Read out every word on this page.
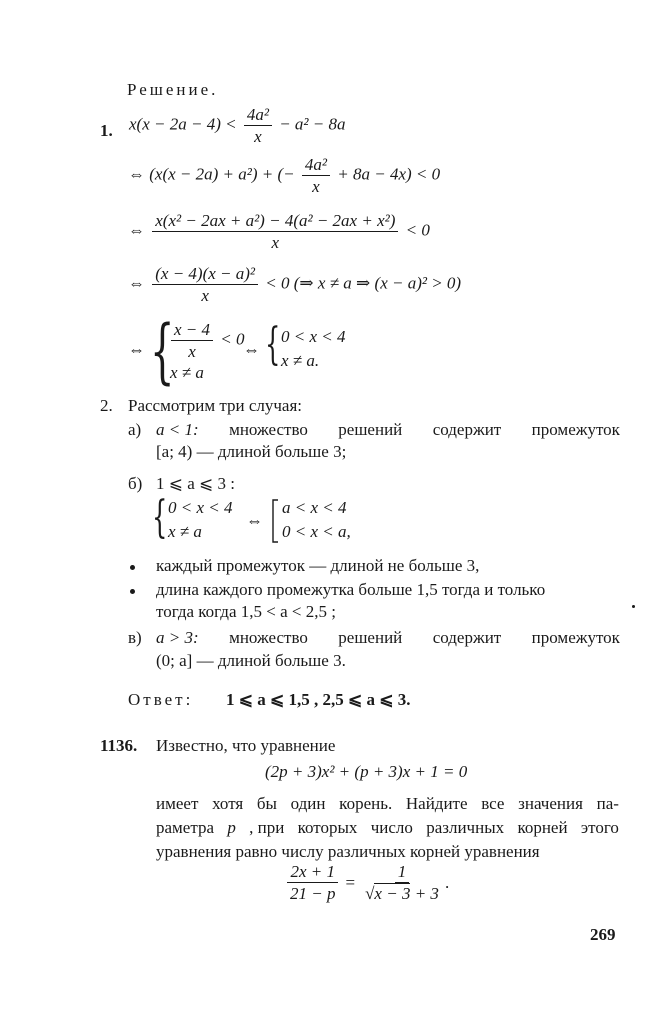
Решение.
1. $x(x - 2a - 4) < \frac{\text{4a²}}{x} - a^2 - 8a$
⇔ (x(x − 2a) + a²) + (− $\frac{\text{4a²}}{x} + 8a - 4x) < 0$
⇔ $\frac{\text{x(x² − 2ax + a²) − 4(a² − 2ax + x²)}}{x} < 0$
⇔ $\frac{\text{(x − 4)(x − a)²}}{x} < 0$ (⇒ x ≠ a ⇒ (x − a)² > 0)
⇔ {
$\frac{x - 4}{x} < 0$
x ≠ a
⇔ { 0 < x < 4
x ≠ a.
2. Рассмотрим три случая:
а) a < 1: множество решений содержит промежуток
[a; 4) — длиной больше 3;
б) 1 ⩽ a ⩽ 3 :
{ 0 < x < 4
x ≠ a
⇔
a < x < 4
0 < x < a,
каждый промежуток — длиной не больше 3,
длина каждого промежутка больше 1,5 тогда и только
тогда когда 1,5 < a < 2,5 ;
в) a > 3: множество решений содержит промежуток
(0; a] — длиной больше 3.
Ответ: 1 ⩽ a ⩽ 1,5 , 2,5 ⩽ a ⩽ 3.
1136. Известно, что уравнение
(2p + 3)x² + (p + 3)x + 1 = 0
имеет хотя бы один корень. Найдите все значения па-
раметра p , при которых число различных корней этого
уравнения равно числу различных корней уравнения
$\frac{2x + 1}{21 - p} = \frac{1}{√x - 3 + 3}$ .
269
